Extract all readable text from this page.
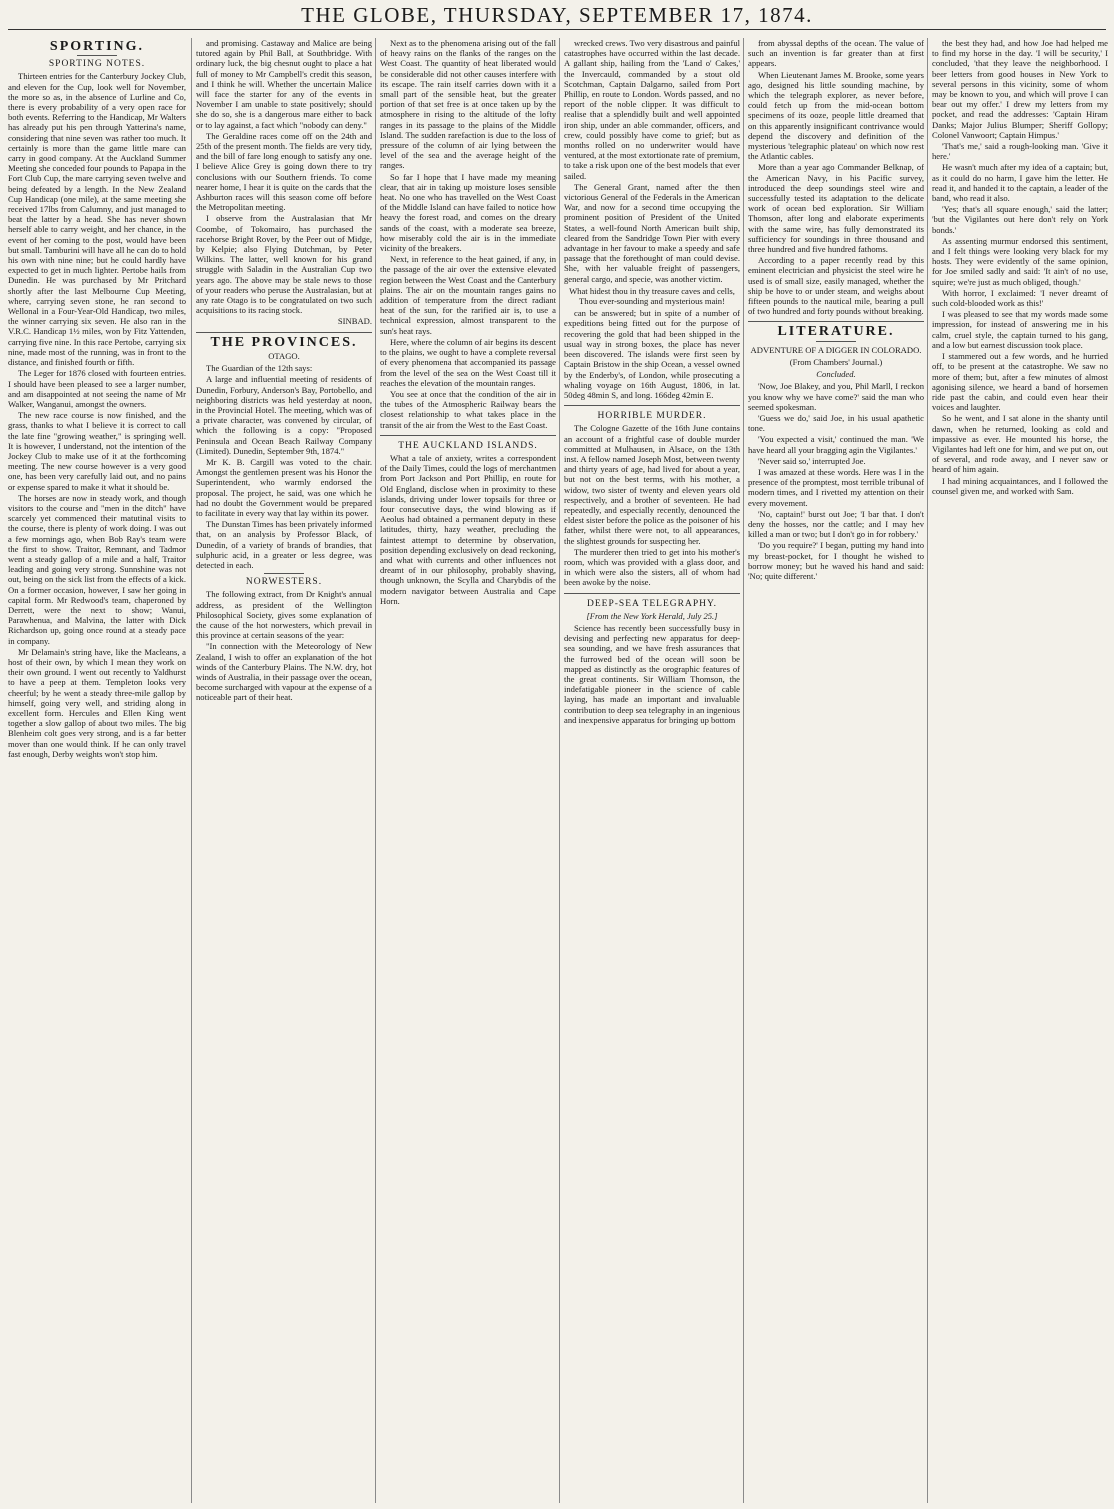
THE GLOBE, THURSDAY, SEPTEMBER 17, 1874.
SPORTING.
SPORTING NOTES.

Thirteen entries for the Canterbury Jockey Club, and eleven for the Cup, look well for November, the more so as, in the absence of Lurline and Co, there is every probability of a very open race for both events. Referring to the Handicap, Mr Walters has already put his pen through Yatterina's name, considering that nine seven was rather too much. It certainly is more than the game little mare can carry in good company. At the Auckland Summer Meeting she conceded four pounds to Papapa in the Fort Club Cup, the mare carrying seven twelve and being defeated by a length. In the New Zealand Cup Handicap (one mile), at the same meeting she received 17lbs from Calumny, and just managed to beat the latter by a head. She has never shown herself able to carry weight, and her chance, in the event of her coming to the post, would have been but small. Tamburini will have all he can do to hold his own with nine nine; but he could hardly have expected to get in much lighter. Pertobe hails from Dunedin. He was purchased by Mr Pritchard shortly after the last Melbourne Cup Meeting, where, carrying seven stone, he ran second to Wellonal in a Four-Year-Old Handicap, two miles, the winner carrying six seven. He also ran in the V.R.C. Handicap 1½ miles, won by Fitz Yattenden, carrying five nine. In this race Pertobe, carrying six nine, made most of the running, was in front to the distance, and finished fourth or fifth.

The Leger for 1876 closed with fourteen entries. I should have been pleased to see a larger number, and am disappointed at not seeing the name of Mr Walker, Wanganui, amongst the owners.

The new race course is now finished, and the grass, thanks to what I believe it is correct to call the late fine "growing weather," is springing well. It is however, I understand, not the intention of the Jockey Club to make use of it at the forthcoming meeting. The new course however is a very good one, has been very carefully laid out, and no pains or expense spared to make it what it should be.

The horses are now in steady work, and though visitors to the course and "men in the ditch" have scarcely yet commenced their matutinal visits to the course, there is plenty of work doing. I was out a few mornings ago, when Bob Ray's team were the first to show. Traitor, Remnant, and Tadmor went a steady gallop of a mile and a half, Traitor leading and going very strong. Sunnshine was not out, being on the sick list from the effects of a kick. On a former occasion, however, I saw her going in capital form. Mr Redwood's team, chaperoned by Derrett, were the next to show; Wanui, Parawhenua, and Malvina, the latter with Dick Richardson up, going once round at a steady pace in company.

Mr Delamain's string have, like the Macleans, a host of their own, by which I mean they work on their own ground. I went out recently to Yaldhurst to have a peep at them. Templeton looks very cheerful; by he went a steady three-mile gallop by himself, going very well, and striding along in excellent form. Hercules and Ellen King went together a slow gallop of about two miles. The big Blenheim colt goes very strong, and is a far better mover than one would think. If he can only travel fast enough, Derby weights won't stop him.

and promising. Castaway and Malice are being tutored again by Phil Ball, at Southbridge. With ordinary luck, the big chesnut ought to place a hat full of money to Mr Campbell's credit this season, and I think he will. Whether the uncertain Malice will face the starter for any of the events in November I am unable to state positively; should she do so, she is a dangerous mare either to back or to lay against, a fact which "nobody can deny."

The Geraldine races come off on the 24th and 25th of the present month. The fields are very tidy, and the bill of fare long enough to satisfy any one. I believe Alice Grey is going down there to try conclusions with our Southern friends. To come nearer home, I hear it is quite on the cards that the Ashburton races will this season come off before the Metropolitan meeting.

I observe from the Australasian that Mr Coombe, of Tokomairo, has purchased the racehorse Bright Rover, by the Peer out of Midge, by Kelpie; also Flying Dutchman, by Peter Wilkins. The latter, well known for his grand struggle with Saladin in the Australian Cup two years ago. The above may be stale news to those of your readers who peruse the Australasian, but at any rate Otago is to be congratulated on two such acquisitions to its racing stock.

SINBAD.
THE PROVINCES.
OTAGO.

The Guardian of the 12th says:

A large and influential meeting of residents of Dunedin, Forbury, Anderson's Bay, Portobello, and neighboring districts was held yesterday at noon, in the Provincial Hotel. The meeting, which was of a private character, was convened by circular, of which the following is a copy: "Proposed Peninsula and Ocean Beach Railway Company (Limited). Dunedin, September 9th, 1874."

Mr K. B. Cargill was voted to the chair. Amongst the gentlemen present was his Honor the Superintendent, who warmly endorsed the proposal. The project, he said, was one which he had no doubt the Government would be prepared to facilitate in every way that lay within its power.

The Dunstan Times has been privately informed that, on an analysis by Professor Black, of Dunedin, of a variety of brands of brandies, that sulphuric acid, in a greater or less degree, was detected in each.

NORWESTERS.

The following extract, from Dr Knight's annual address, as president of the Wellington Philosophical Society, gives some explanation of the cause of the hot norwesters, which prevail in this province at certain seasons of the year:

"In connection with the Meteorology of New Zealand, I wish to offer an explanation of the hot winds of the Canterbury Plains. The N.W. dry, hot winds of Australia, in their passage over the ocean, become surcharged with vapour at the expense of a noticeable part of their heat.

Next as to the phenomena arising out of the fall of heavy rains on the flanks of the ranges on the West Coast. The quantity of heat liberated would be considerable did not other causes interfere with its escape. The rain itself carries down with it a small part of the sensible heat, but the greater portion of that set free is at once taken up by the atmosphere in rising to the altitude of the lofty ranges in its passage to the plains of the Middle Island. The sudden rarefaction is due to the loss of pressure of the column of air lying between the level of the sea and the average height of the ranges.

So far I hope that I have made my meaning clear, that air in taking up moisture loses sensible heat. No one who has travelled on the West Coast of the Middle Island can have failed to notice how heavy the forest road, and comes on the dreary sands of the coast, with a moderate sea breeze, how miserably cold the air is in the immediate vicinity of the breakers.

Next, in reference to the heat gained, if any, in the passage of the air over the extensive elevated region between the West Coast and the Canterbury plains. The air on the mountain ranges gains no addition of temperature from the direct radiant heat of the sun, for the rarified air is, to use a technical expression, almost transparent to the sun's heat rays.

Here, where the column of air begins its descent to the plains, we ought to have a complete reversal of every phenomena that accompanied its passage from the level of the sea on the West Coast till it reaches the elevation of the mountain ranges.

You see at once that the condition of the air in the tubes of the Atmospheric Railway bears the closest relationship to what takes place in the transit of the air from the West to the East Coast.

THE AUCKLAND ISLANDS.

What a tale of anxiety, writes a correspondent of the Daily Times, could the logs of merchantmen from Port Jackson and Port Phillip, en route for Old England, disclose when in proximity to these islands, driving under lower topsails for three or four consecutive days, the wind blowing as if Aeolus had obtained a permanent deputy in these latitudes, thirty, hazy weather, precluding the faintest attempt to determine by observation, position depending exclusively on dead reckoning, and what with currents and other influences not dreamt of in our philosophy, probably shaving, though unknown, the Scylla and Charybdis of the modern navigator between Australia and Cape Horn.

wrecked crews. Two very disastrous and painful catastrophes have occurred within the last decade. A gallant ship, hailing from the 'Land o' Cakes,' the Invercauld, commanded by a stout old Scotchman, Captain Dalgarno, sailed from Port Phillip, en route to London. Words passed, and no report of the noble clipper. It was difficult to realise that a splendidly built and well appointed iron ship, under an able commander, officers, and crew, could possibly have come to grief; but as months rolled on no underwriter would have ventured, at the most extortionate rate of premium, to take a risk upon one of the best models that ever sailed.

The General Grant, named after the then victorious General of the Federals in the American War, and now for a second time occupying the prominent position of President of the United States, a well-found North American built ship, cleared from the Sandridge Town Pier with every advantage in her favour to make a speedy and safe passage that the forethought of man could devise. She, with her valuable freight of passengers, general cargo, and specie, was another victim.

What hidest thou in thy treasure caves and cells,
Thou ever-sounding and mysterious main!

can be answered; but in spite of a number of expeditions being fitted out for the purpose of recovering the gold that had been shipped in the usual way in strong boxes, the place has never been discovered. The islands were first seen by Captain Bristow in the ship Ocean, a vessel owned by the Enderby's, of London, while prosecuting a whaling voyage on 16th August, 1806, in lat. 50deg 48min S, and long. 166deg 42min E.

HORRIBLE MURDER.

The Cologne Gazette of the 16th June contains an account of a frightful case of double murder committed at Mulhausen, in Alsace, on the 13th inst. A fellow named Joseph Most, between twenty and thirty years of age, had lived for about a year, but not on the best terms, with his mother, a widow, two sister of twenty and eleven years old respectively, and a brother of seventeen. He had repeatedly, and especially recently, denounced the eldest sister before the police as the poisoner of his father, whilst there were not, to all appearances, the slightest grounds for suspecting her.

The murderer then tried to get into his mother's room, which was provided with a glass door, and in which were also the sisters, all of whom had been awoke by the noise.

DEEP-SEA TELEGRAPHY.
[From the New York Herald, July 25.]

Science has recently been successfully busy in devising and perfecting new apparatus for deep-sea sounding, and we have fresh assurances that the furrowed bed of the ocean will soon be mapped as distinctly as the orographic features of the great continents. Sir William Thomson, the indefatigable pioneer in the science of cable laying, has made an important and invaluable contribution to deep sea telegraphy in an ingenious and inexpensive apparatus for bringing up bottom

from abyssal depths of the ocean. The value of such an invention is far greater than at first appears.

When Lieutenant James M. Brooke, some years ago, designed his little sounding machine, by which the telegraph explorer, as never before, could fetch up from the mid-ocean bottom specimens of its ooze, people little dreamed that on this apparently insignificant contrivance would depend the discovery and definition of the mysterious 'telegraphic plateau' on which now rest the Atlantic cables.

More than a year ago Commander Belknap, of the American Navy, in his Pacific survey, introduced the deep soundings steel wire and successfully tested its adaptation to the delicate work of ocean bed exploration. Sir William Thomson, after long and elaborate experiments with the same wire, has fully demonstrated its sufficiency for soundings in three thousand and three hundred and five hundred fathoms.

According to a paper recently read by this eminent electrician and physicist the steel wire he used is of small size, easily managed, whether the ship be hove to or under steam, and weighs about fifteen pounds to the nautical mile, bearing a pull of two hundred and forty pounds without breaking.

LITERATURE.
ADVENTURE OF A DIGGER IN COLORADO.
(From Chambers' Journal.)
Concluded.

'Now, Joe Blakey, and you, Phil Marll, I reckon you know why we have come?' said the man who seemed spokesman.

'Guess we do,' said Joe, in his usual apathetic tone.

'You expected a visit,' continued the man. 'We have heard all your bragging agin the Vigilantes.'

'Never said so,' interrupted Joe.

I was amazed at these words. Here was I in the presence of the promptest, most terrible tribunal of modern times, and I rivetted my attention on their every movement.

'No, captain!' burst out Joe; 'I bar that. I don't deny the hosses, nor the cattle; and I may hev killed a man or two; but I don't go in for robbery.'

'Do you require?' I began, putting my hand into my breast-pocket, for I thought he wished to borrow money; but he waved his hand and said: 'No; quite different.'

the best they had, and how Joe had helped me to find my horse in the day. 'I will be security,' I concluded, 'that they leave the neighborhood. I beer letters from good houses in New York to several persons in this vicinity, some of whom may be known to you, and which will prove I can bear out my offer.' I drew my letters from my pocket, and read the addresses: 'Captain Hiram Danks; Major Julius Blumper; Sheriff Gollopy; Colonel Vanwoort; Captain Himpus.'

'That's me,' said a rough-looking man. 'Give it here.'

He wasn't much after my idea of a captain; but, as it could do no harm, I gave him the letter. He read it, and handed it to the captain, a leader of the band, who read it also.

'Yes; that's all square enough,' said the latter; 'but the Vigilantes out here don't rely on York bonds.'

As assenting murmur endorsed this sentiment, and I felt things were looking very black for my hosts. They were evidently of the same opinion, for Joe smiled sadly and said: 'It ain't of no use, squire; we're just as much obliged, though.'

With horror, I exclaimed: 'I never dreamt of such cold-blooded work as this!'

I was pleased to see that my words made some impression, for instead of answering me in his calm, cruel style, the captain turned to his gang, and a low but earnest discussion took place.

I stammered out a few words, and he hurried off, to be present at the catastrophe. We saw no more of them; but, after a few minutes of almost agonising silence, we heard a band of horsemen ride past the cabin, and could even hear their voices and laughter.

So he went, and I sat alone in the shanty until dawn, when he returned, looking as cold and impassive as ever. He mounted his horse, the Vigilantes had left one for him, and we put on, out of several, and rode away, and I never saw or heard of him again.

I had mining acquaintances, and I followed the counsel given me, and worked with Sam.
